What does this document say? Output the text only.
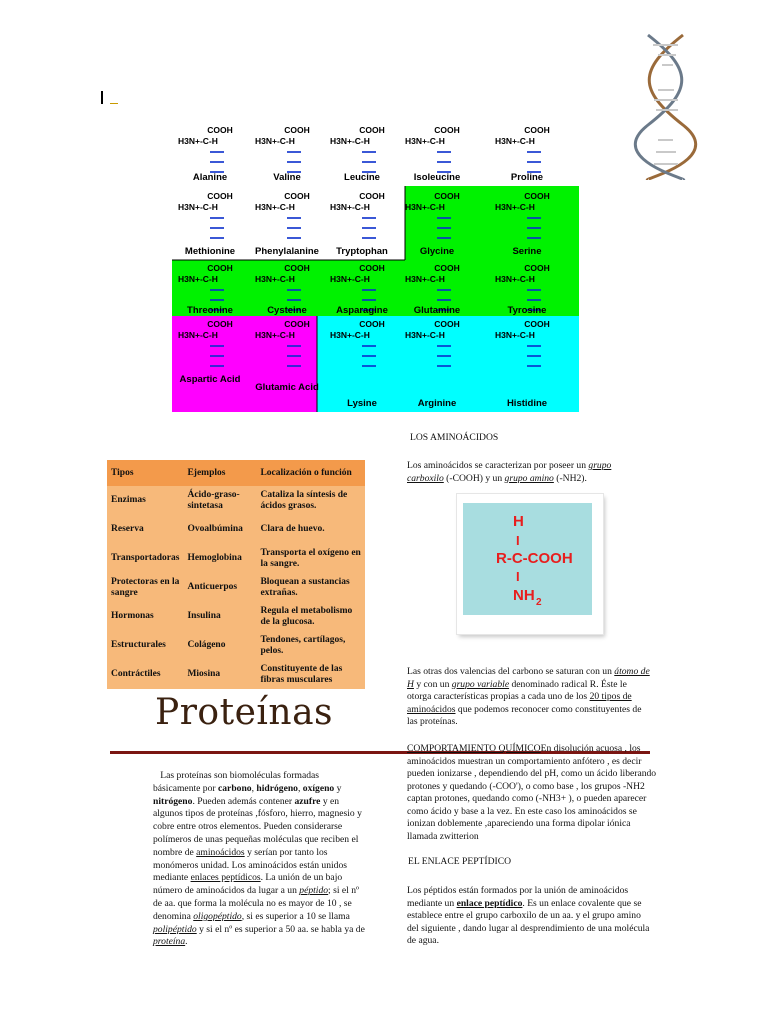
COOH
H3N+-C-H
Alanine
COOH
H3N+-C-H
Valine
COOH
H3N+-C-H
Leucine
COOH
H3N+-C-H
Isoleucine
COOH
H3N+-C-H
Proline
COOH
H3N+-C-H
Methionine
COOH
H3N+-C-H
Phenylalanine
COOH
H3N+-C-H
Tryptophan
COOH
H3N+-C-H
Glycine
COOH
H3N+-C-H
Serine
COOH
H3N+-C-H
Threonine
COOH
H3N+-C-H
Cysteine
COOH
H3N+-C-H
Asparagine
COOH
H3N+-C-H
Glutamine
COOH
H3N+-C-H
Tyrosine
COOH
H3N+-C-H
Aspartic Acid
COOH
H3N+-C-H
Glutamic Acid
COOH
H3N+-C-H
Lysine
COOH
H3N+-C-H
Arginine
COOH
H3N+-C-H
Histidine
Tipos	Ejemplos	Localización o función
Enzimas	Ácido-graso-sintetasa	Cataliza la síntesis de ácidos grasos.
Reserva	Ovoalbúmina	Clara de huevo.
Transportadoras	Hemoglobina	Transporta el oxígeno en la sangre.
Protectoras en la sangre	Anticuerpos	Bloquean a sustancias extrañas.
Hormonas	Insulina	Regula el metabolismo de la glucosa.
Estructurales	Colágeno	Tendones, cartílagos, pelos.
Contráctiles	Miosina	Constituyente de las fibras musculares
Proteínas
Las proteínas son biomoléculas formadas básicamente por carbono, hidrógeno, oxígeno y nitrógeno. Pueden además contener azufre y en algunos tipos de proteínas ,fósforo, hierro, magnesio y cobre entre otros elementos. Pueden considerarse polímeros de unas pequeñas moléculas que reciben el nombre de aminoácidos y serían por tanto los monómeros unidad. Los aminoácidos están unidos mediante enlaces peptídicos. La unión de un bajo número de aminoácidos da lugar a un péptido; si el nº de aa. que forma la molécula no es mayor de 10 , se denomina oligopéptido, si es superior a 10 se llama polipéptido y si el nº es superior a 50 aa. se habla ya de proteína.
LOS AMINOÁCIDOS
Los aminoácidos se caracterizan por poseer un grupo carboxilo (-COOH) y un grupo amino (-NH2).
H
I
R-C-COOH
I
NH 2
Las otras dos valencias del carbono se saturan con un átomo de H y con un grupo variable denominado radical R. Éste le otorga características propias a cada uno de los 20 tipos de aminoácidos que podemos reconocer como constituyentes de las proteínas.
COMPORTAMIENTO QUÍMICOEn disolución acuosa , los aminoácidos muestran un comportamiento anfótero , es decir pueden ionizarse , dependiendo del pH, como un ácido liberando protones y quedando (-COO'), o como base , los grupos -NH2 captan protones, quedando como (-NH3+ ), o pueden aparecer como ácido y base a la vez. En este caso los aminoácidos se ionizan doblemente ,apareciendo una forma dipolar iónica llamada zwitterion
EL ENLACE PEPTÍDICO
Los péptidos están formados por la unión de aminoácidos mediante un enlace peptídico. Es un enlace covalente que se establece entre el grupo carboxilo de un aa. y el grupo amino del siguiente , dando lugar al desprendimiento de una molécula de agua.
